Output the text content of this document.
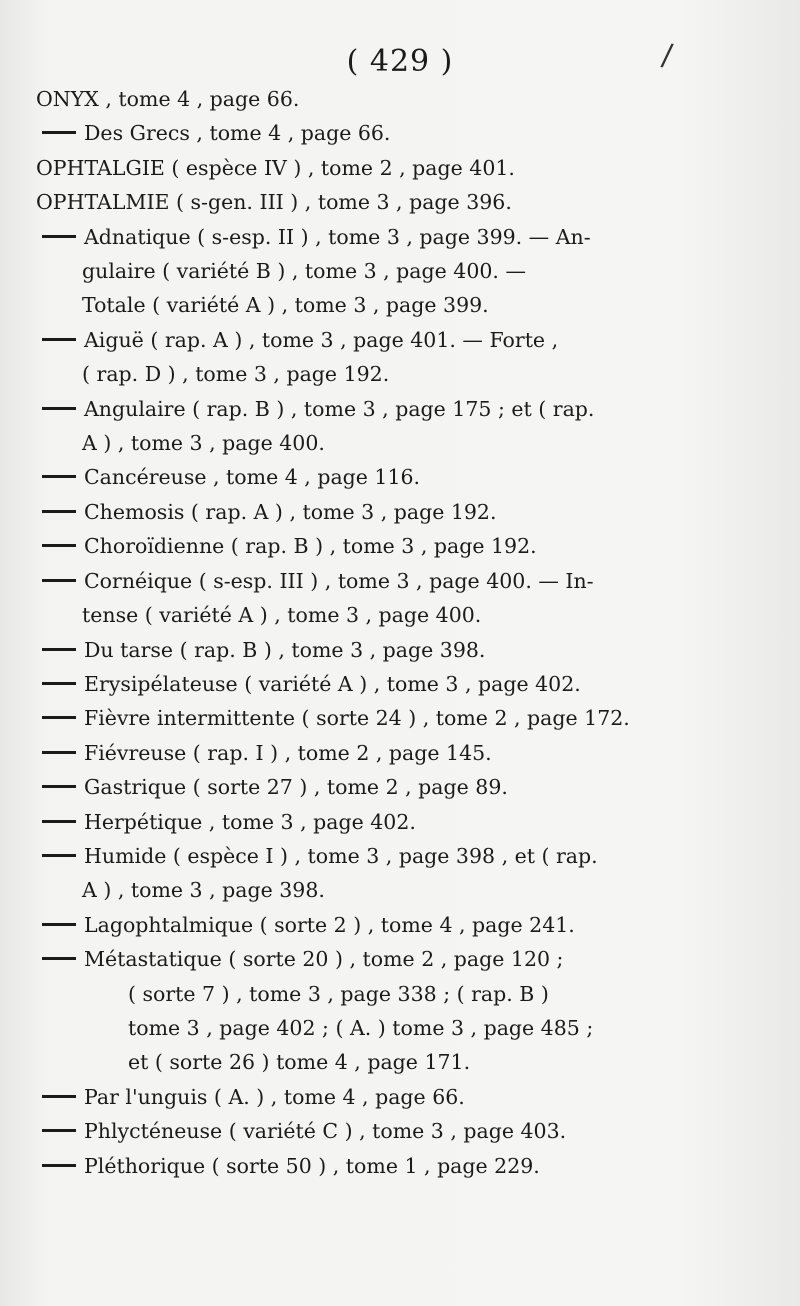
( 429 )	/
ONYX , tome 4 , page 66.
Des Grecs , tome 4 , page 66.
OPHTALGIE ( espèce IV ) , tome 2 , page 401.
OPHTALMIE ( s-gen. III ) , tome 3 , page 396.
Adnatique ( s-esp. II ) , tome 3 , page 399. — An-
gulaire ( variété B ) , tome 3 , page 400. —
Totale ( variété A ) , tome 3 , page 399.
Aiguë ( rap. A ) , tome 3 , page 401. — Forte ,
( rap. D ) , tome 3 , page 192.
Angulaire ( rap. B ) , tome 3 , page 175 ; et ( rap.
A ) , tome 3 , page 400.
Cancéreuse , tome 4 , page 116.
Chemosis ( rap. A ) , tome 3 , page 192.
Choroïdienne ( rap. B ) , tome 3 , page 192.
Cornéique ( s-esp. III ) , tome 3 , page 400. — In-
tense ( variété A ) , tome 3 , page 400.
Du tarse ( rap. B ) , tome 3 , page 398.
Erysipélateuse ( variété A ) , tome 3 , page 402.
Fièvre intermittente ( sorte 24 ) , tome 2 , page 172.
Fiévreuse ( rap. I ) , tome 2 , page 145.
Gastrique ( sorte 27 ) , tome 2 , page 89.
Herpétique , tome 3 , page 402.
Humide ( espèce I ) , tome 3 , page 398 , et ( rap.
A ) , tome 3 , page 398.
Lagophtalmique ( sorte 2 ) , tome 4 , page 241.
Métastatique ( sorte 20 ) , tome 2 , page 120 ;
( sorte 7 ) , tome 3 , page 338 ; ( rap. B )
tome 3 , page 402 ; ( A. ) tome 3 , page 485 ;
et ( sorte 26 ) tome 4 , page 171.
Par l'unguis ( A. ) , tome 4 , page 66.
Phlycténeuse ( variété C ) , tome 3 , page 403.
Pléthorique ( sorte 50 ) , tome 1 , page 229.
